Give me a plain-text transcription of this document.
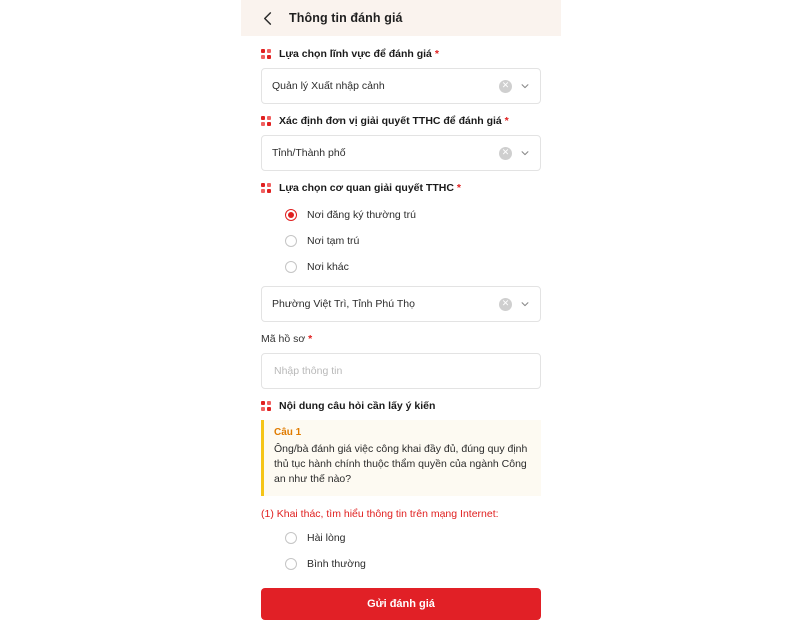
Thông tin đánh giá
Lựa chọn lĩnh vực để đánh giá *
Quản lý Xuất nhập cảnh	✕
Xác định đơn vị giải quyết TTHC để đánh giá *
Tỉnh/Thành phố	✕
Lựa chọn cơ quan giải quyết TTHC *
Nơi đăng ký thường trú
Nơi tạm trú
Nơi khác
Phường Việt Trì, Tỉnh Phú Thọ	✕
Mã hồ sơ *
Nhập thông tin
Nội dung câu hỏi cần lấy ý kiến
Câu 1
Ông/bà đánh giá việc công khai đầy đủ, đúng quy định thủ tục hành chính thuộc thẩm quyền của ngành Công an như thế nào?
(1) Khai thác, tìm hiểu thông tin trên mạng Internet:
Hài lòng
Bình thường
Gửi đánh giá
